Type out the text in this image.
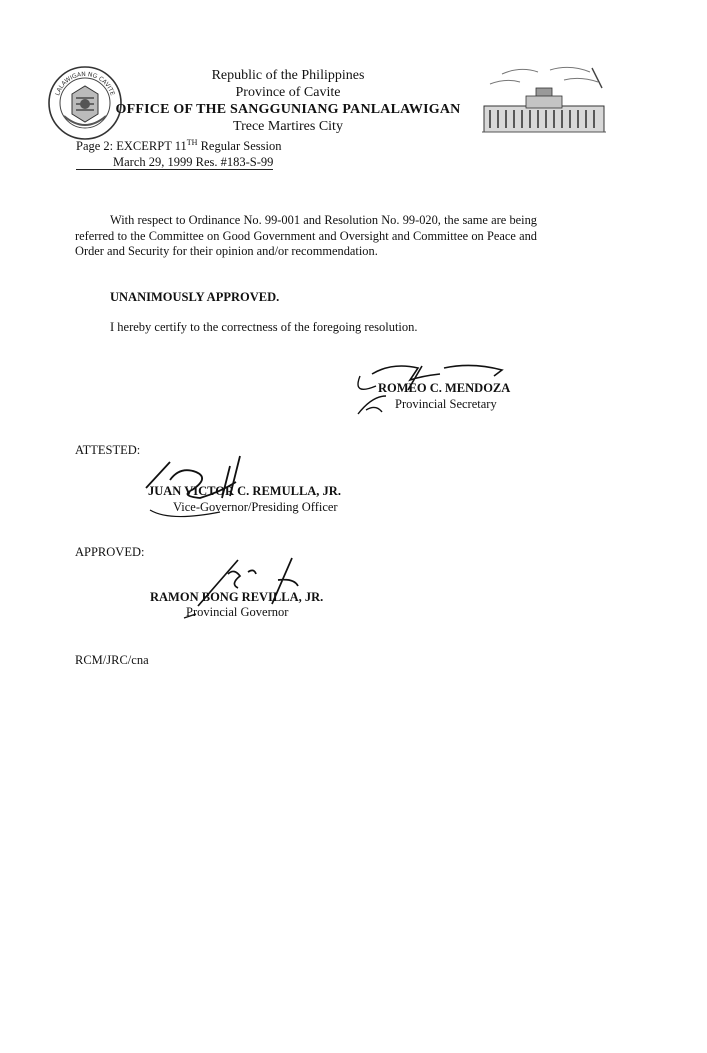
LALAWIGAN NG CAVITE
Republic of the Philippines
Province of Cavite
OFFICE OF THE SANGGUNIANG PANLALAWIGAN
Trece Martires City
Page 2: EXCERPT 11TH Regular Session
March 29, 1999 Res. #183-S-99
With respect to Ordinance No. 99-001 and Resolution No. 99-020, the same are being referred to the Committee on Good Government and Oversight and Committee on Peace and Order and Security for their opinion and/or recommendation.
UNANIMOUSLY APPROVED.
I hereby certify to the correctness of the foregoing resolution.
ROMEO C. MENDOZA
Provincial Secretary
ATTESTED:
JUAN VICTOR C. REMULLA, JR.
Vice-Governor/Presiding Officer
APPROVED:
RAMON BONG REVILLA, JR.
Provincial Governor
RCM/JRC/cna
